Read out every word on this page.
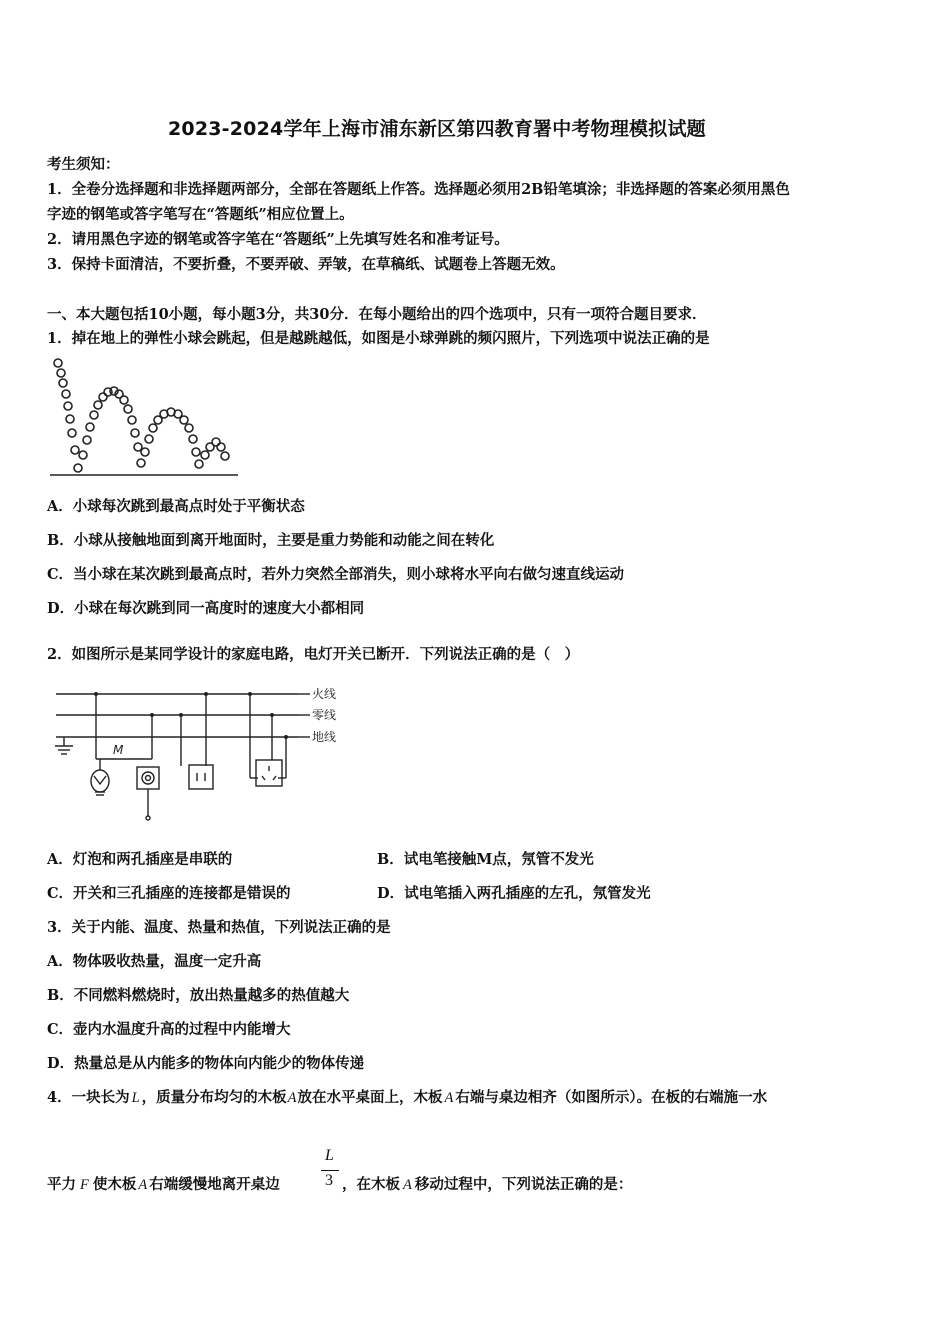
2023-2024学年上海市浦东新区第四教育署中考物理模拟试题
考生须知：
1．全卷分选择题和非选择题两部分，全部在答题纸上作答。选择题必须用2B铅笔填涂；非选择题的答案必须用黑色
字迹的钢笔或答字笔写在“答题纸”相应位置上。
2．请用黑色字迹的钢笔或答字笔在“答题纸”上先填写姓名和准考证号。
3．保持卡面清洁，不要折叠，不要弄破、弄皱，在草稿纸、试题卷上答题无效。
一、本大题包括10小题，每小题3分，共30分．在每小题给出的四个选项中，只有一项符合题目要求．
1．掉在地上的弹性小球会跳起，但是越跳越低，如图是小球弹跳的频闪照片，下列选项中说法正确的是
A．小球每次跳到最高点时处于平衡状态
B．小球从接触地面到离开地面时，主要是重力势能和动能之间在转化
C．当小球在某次跳到最高点时，若外力突然全部消失，则小球将水平向右做匀速直线运动
D．小球在每次跳到同一高度时的速度大小都相同
2．如图所示是某同学设计的家庭电路，电灯开关已断开．下列说法正确的是（　）
M
火线
零线
地线
A．灯泡和两孔插座是串联的	B．试电笔接触M点，氖管不发光
C．开关和三孔插座的连接都是错误的	D．试电笔插入两孔插座的左孔，氖管发光
3．关于内能、温度、热量和热值，下列说法正确的是
A．物体吸收热量，温度一定升高
B．不同燃料燃烧时，放出热量越多的热值越大
C．壶内水温度升高的过程中内能增大
D．热量总是从内能多的物体向内能少的物体传递
4．一块长为 L ，质量分布均匀的木板A放在水平桌面上，木板 A 右端与桌边相齐（如图所示）。在板的右端施一水
L
3
平力 F 使木板 A 右端缓慢地离开桌边	，在木板 A 移动过程中，下列说法正确的是：
